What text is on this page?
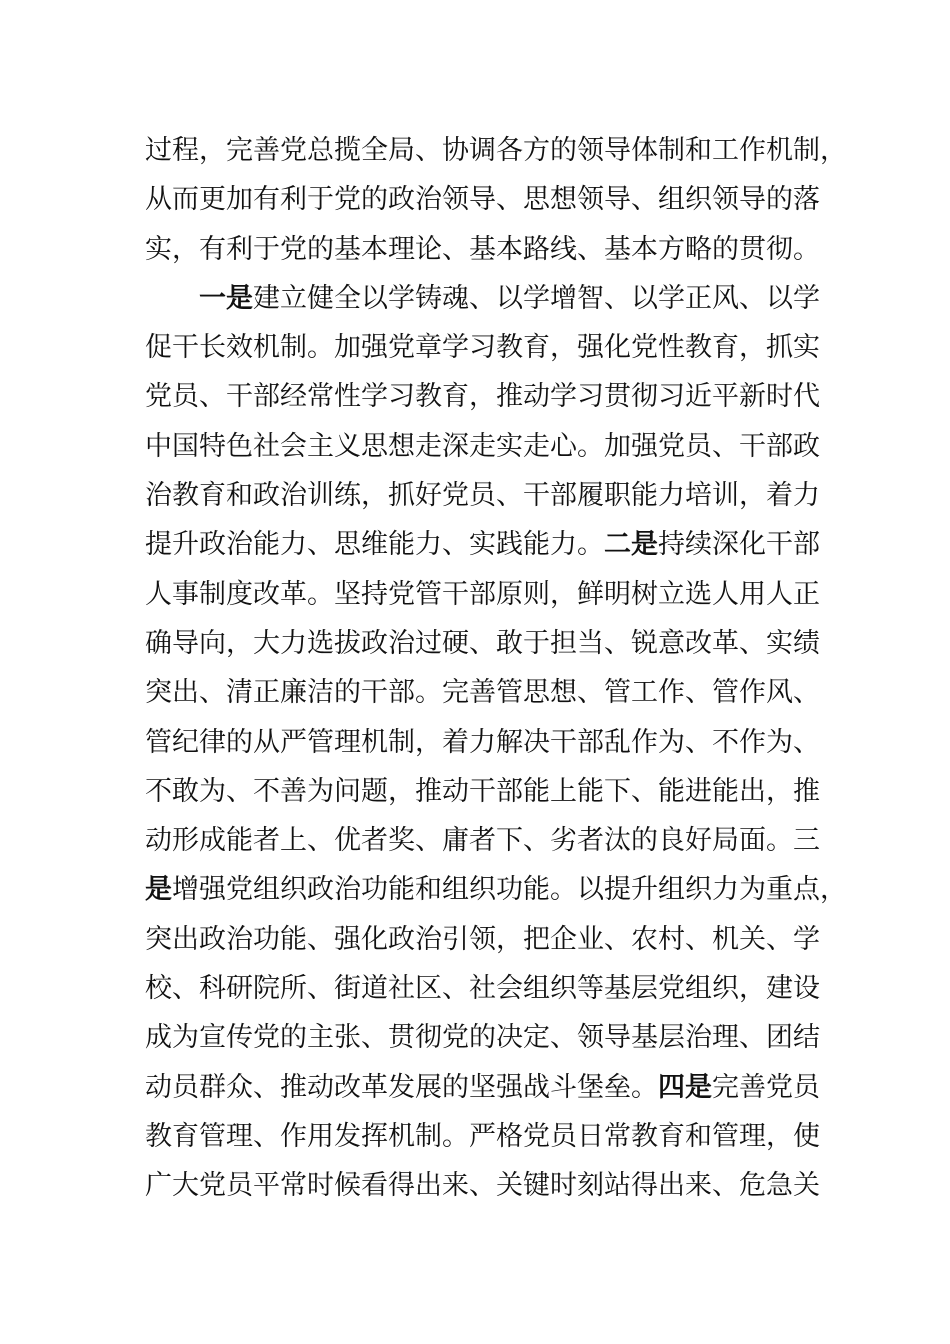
过程，完善党总揽全局、协调各方的领导体制和工作机制，
从而更加有利于党的政治领导、思想领导、组织领导的落
实，有利于党的基本理论、基本路线、基本方略的贯彻。
一是建立健全以学铸魂、以学增智、以学正风、以学
促干长效机制。加强党章学习教育，强化党性教育，抓实
党员、干部经常性学习教育，推动学习贯彻习近平新时代
中国特色社会主义思想走深走实走心。加强党员、干部政
治教育和政治训练，抓好党员、干部履职能力培训，着力
提升政治能力、思维能力、实践能力。二是持续深化干部
人事制度改革。坚持党管干部原则，鲜明树立选人用人正
确导向，大力选拔政治过硬、敢于担当、锐意改革、实绩
突出、清正廉洁的干部。完善管思想、管工作、管作风、
管纪律的从严管理机制，着力解决干部乱作为、不作为、
不敢为、不善为问题，推动干部能上能下、能进能出，推
动形成能者上、优者奖、庸者下、劣者汰的良好局面。三
是增强党组织政治功能和组织功能。以提升组织力为重点，
突出政治功能、强化政治引领，把企业、农村、机关、学
校、科研院所、街道社区、社会组织等基层党组织，建设
成为宣传党的主张、贯彻党的决定、领导基层治理、团结
动员群众、推动改革发展的坚强战斗堡垒。四是完善党员
教育管理、作用发挥机制。严格党员日常教育和管理，使
广大党员平常时候看得出来、关键时刻站得出来、危急关
